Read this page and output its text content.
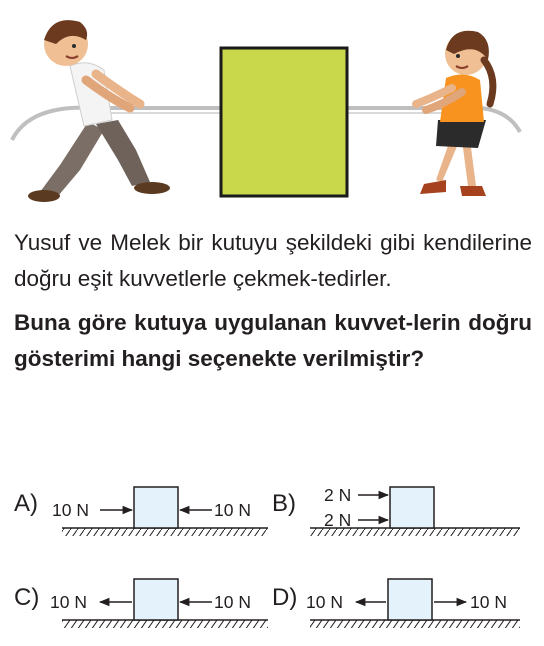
Yusuf ve Melek bir kutuyu şekildeki gibi kendilerine doğru eşit kuvvetlerle çekmek-tedirler.

Buna göre kutuya uygulanan kuvvet-lerin doğru gösterimi hangi seçenekte verilmiştir?

A) 10 N	10 N B) 2 N
2 N
C) 10 N	10 N D) 10 N	10 N
